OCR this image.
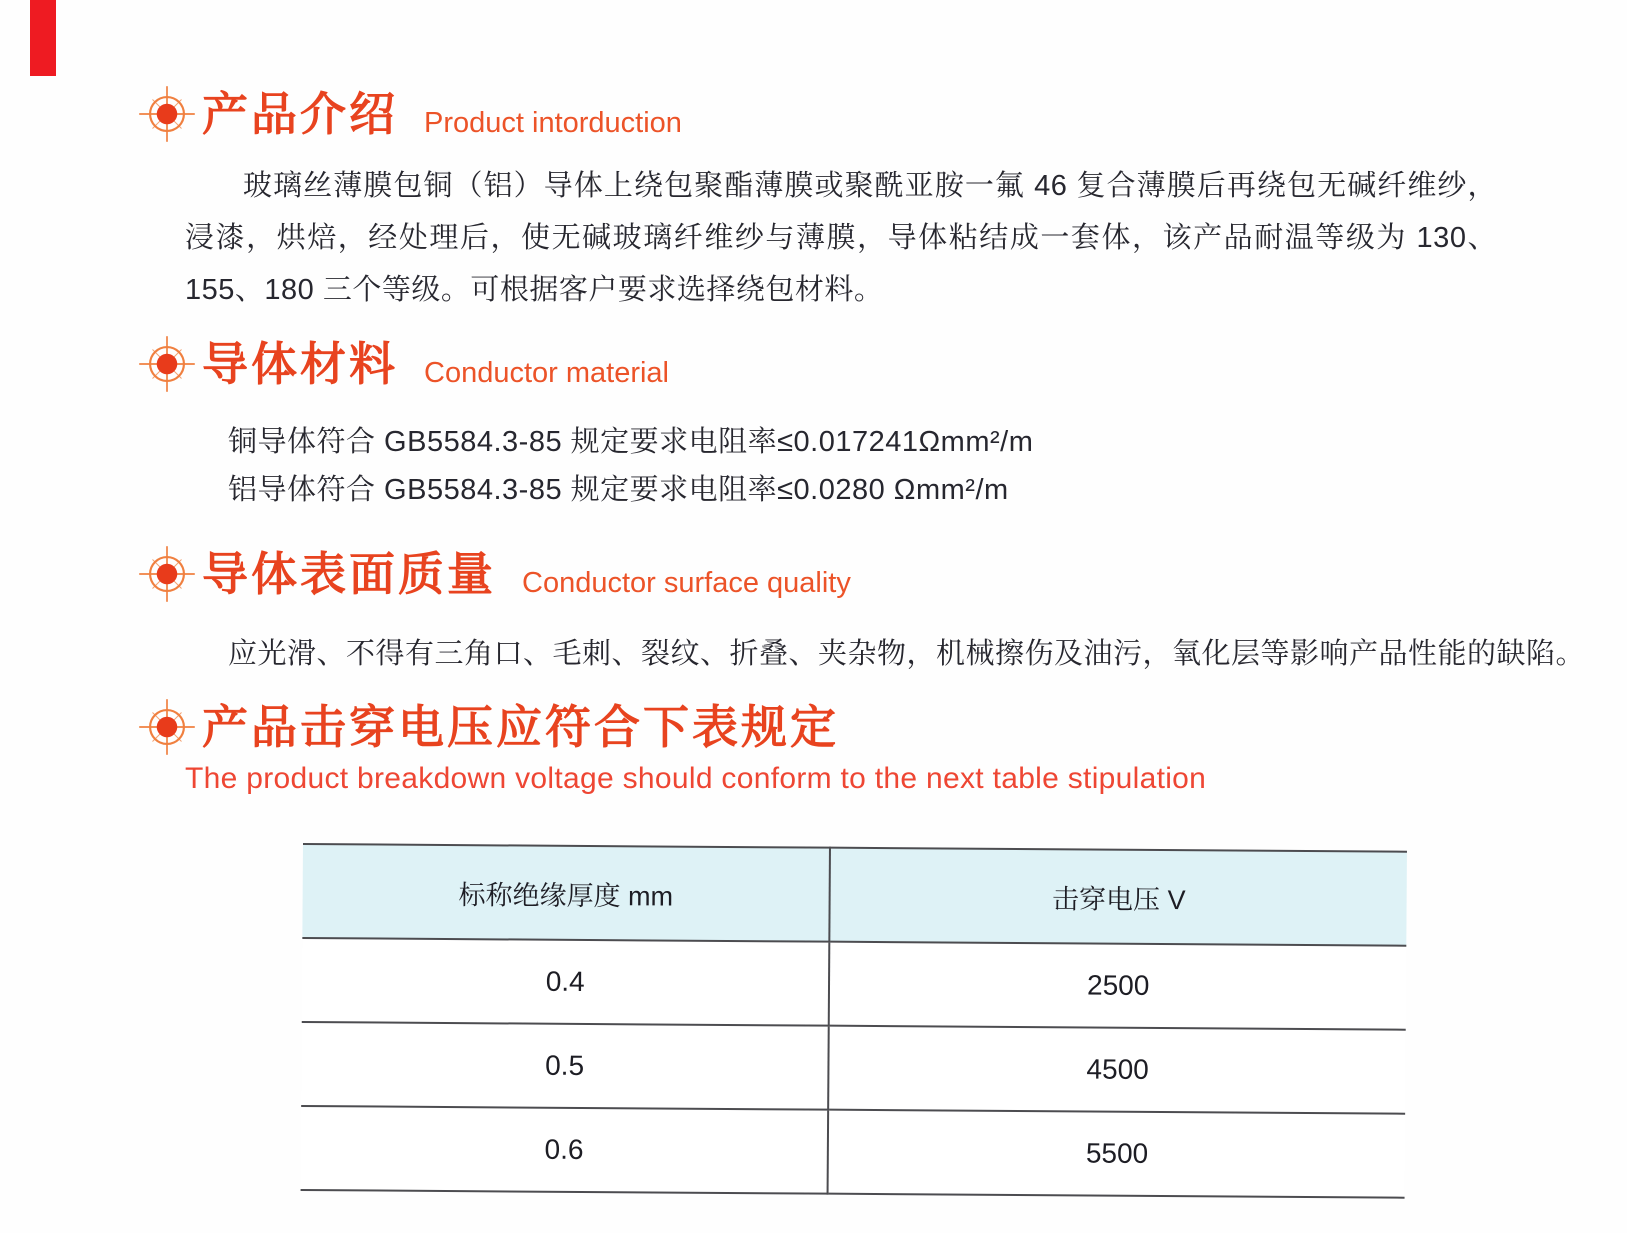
产品介绍 Product intorduction

玻璃丝薄膜包铜（铝）导体上绕包聚酯薄膜或聚酰亚胺一氟 46 复合薄膜后再绕包无碱纤维纱，浸漆，烘焙，经处理后，使无碱玻璃纤维纱与薄膜，导体粘结成一套体，该产品耐温等级为 130、155、180 三个等级。可根据客户要求选择绕包材料。

导体材料 Conductor material
铜导体符合 GB5584.3-85 规定要求电阻率≤0.017241Ωmm²/m
铝导体符合 GB5584.3-85 规定要求电阻率≤0.0280 Ωmm²/m
导体表面质量 Conductor surface quality
应光滑、不得有三角口、毛刺、裂纹、折叠、夹杂物，机械擦伤及油污，氧化层等影响产品性能的缺陷。
产品击穿电压应符合下表规定
The product breakdown voltage should conform to the next table stipulation
标称绝缘厚度 mm	击穿电压 V
0.4	2500
0.5	4500
0.6	5500
